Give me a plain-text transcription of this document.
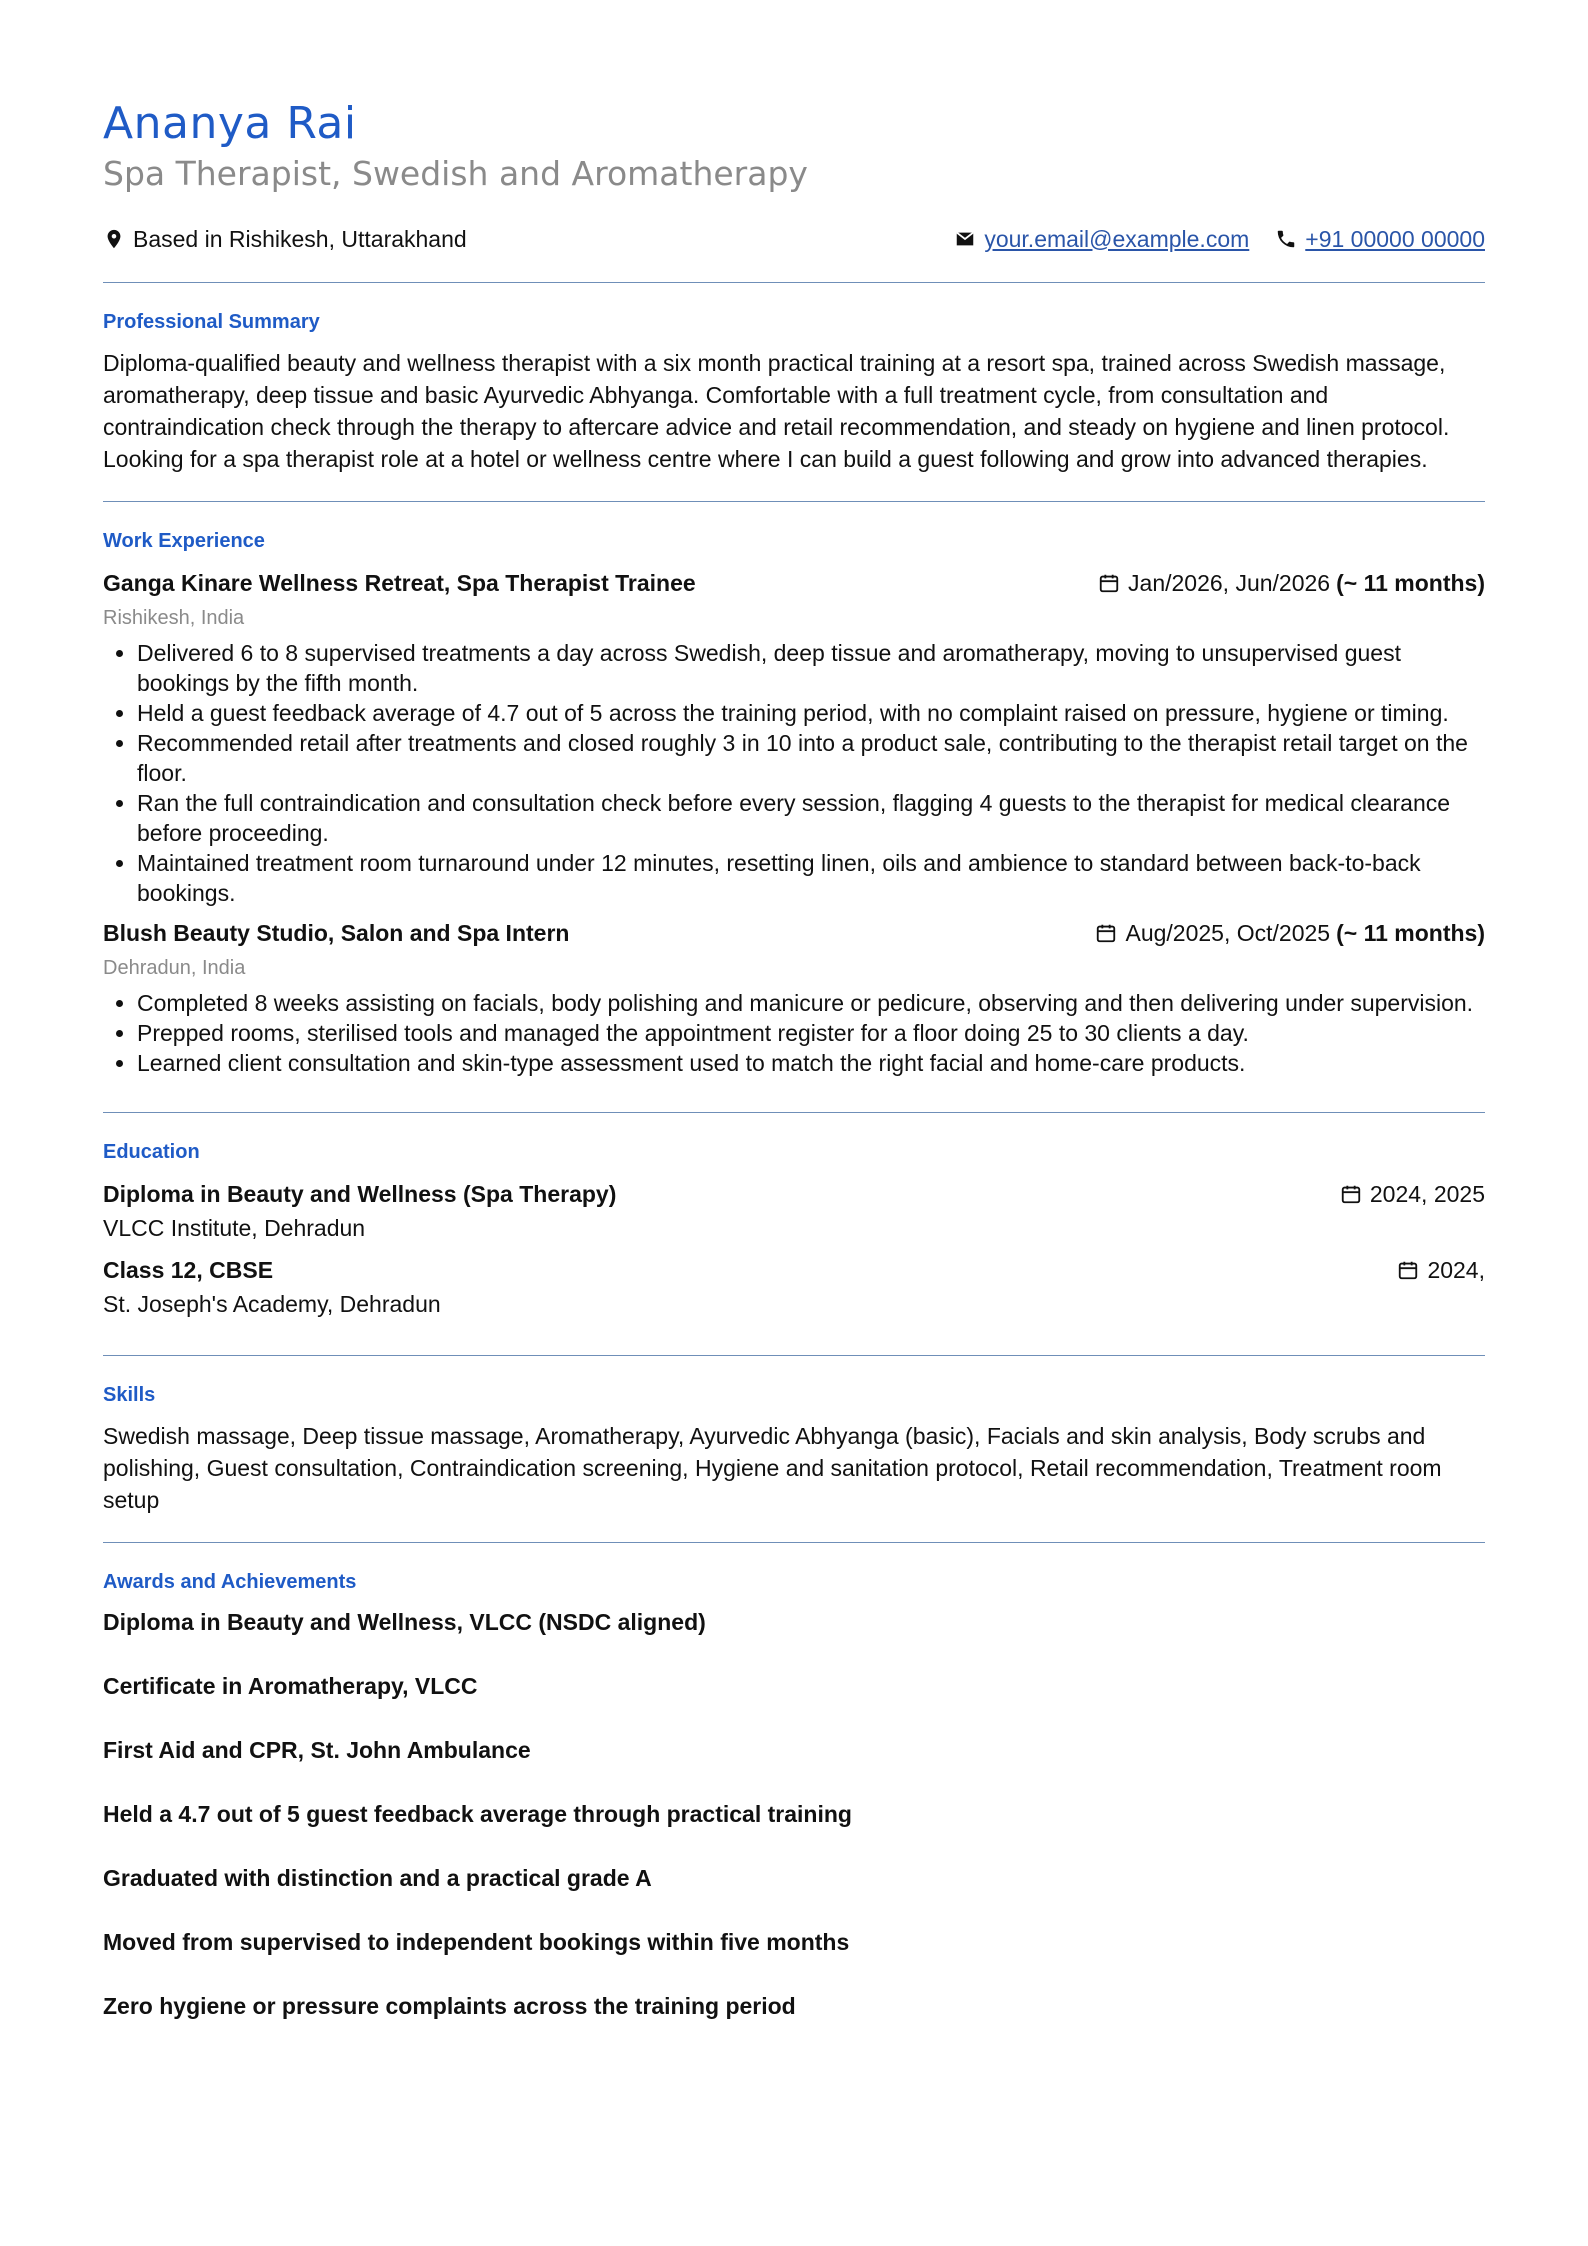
Ananya Rai
Spa Therapist, Swedish and Aromatherapy
Based in Rishikesh, Uttarakhand	your.email@example.com +91 00000 00000
Professional Summary

Diploma-qualified beauty and wellness therapist with a six month practical training at a resort spa, trained across Swedish massage, aromatherapy, deep tissue and basic Ayurvedic Abhyanga. Comfortable with a full treatment cycle, from consultation and contraindication check through the therapy to aftercare advice and retail recommendation, and steady on hygiene and linen protocol. Looking for a spa therapist role at a hotel or wellness centre where I can build a guest following and grow into advanced therapies.

Work Experience
Ganga Kinare Wellness Retreat, Spa Therapist Trainee	Jan/2026, Jun/2026 (~ 11 months)
Rishikesh, India
• Delivered 6 to 8 supervised treatments a day across Swedish, deep tissue and aromatherapy, moving to unsupervised guest bookings by the fifth month.
• Held a guest feedback average of 4.7 out of 5 across the training period, with no complaint raised on pressure, hygiene or timing.
• Recommended retail after treatments and closed roughly 3 in 10 into a product sale, contributing to the therapist retail target on the floor.
• Ran the full contraindication and consultation check before every session, flagging 4 guests to the therapist for medical clearance before proceeding.
• Maintained treatment room turnaround under 12 minutes, resetting linen, oils and ambience to standard between back-to-back bookings.
Blush Beauty Studio, Salon and Spa Intern	Aug/2025, Oct/2025 (~ 11 months)
Dehradun, India
• Completed 8 weeks assisting on facials, body polishing and manicure or pedicure, observing and then delivering under supervision.
• Prepped rooms, sterilised tools and managed the appointment register for a floor doing 25 to 30 clients a day.
• Learned client consultation and skin-type assessment used to match the right facial and home-care products.
Education
Diploma in Beauty and Wellness (Spa Therapy)	2024, 2025
VLCC Institute, Dehradun
Class 12, CBSE	2024,
St. Joseph's Academy, Dehradun
Skills

Swedish massage, Deep tissue massage, Aromatherapy, Ayurvedic Abhyanga (basic), Facials and skin analysis, Body scrubs and polishing, Guest consultation, Contraindication screening, Hygiene and sanitation protocol, Retail recommendation, Treatment room setup

Awards and Achievements
Diploma in Beauty and Wellness, VLCC (NSDC aligned)
Certificate in Aromatherapy, VLCC
First Aid and CPR, St. John Ambulance
Held a 4.7 out of 5 guest feedback average through practical training
Graduated with distinction and a practical grade A
Moved from supervised to independent bookings within five months
Zero hygiene or pressure complaints across the training period
